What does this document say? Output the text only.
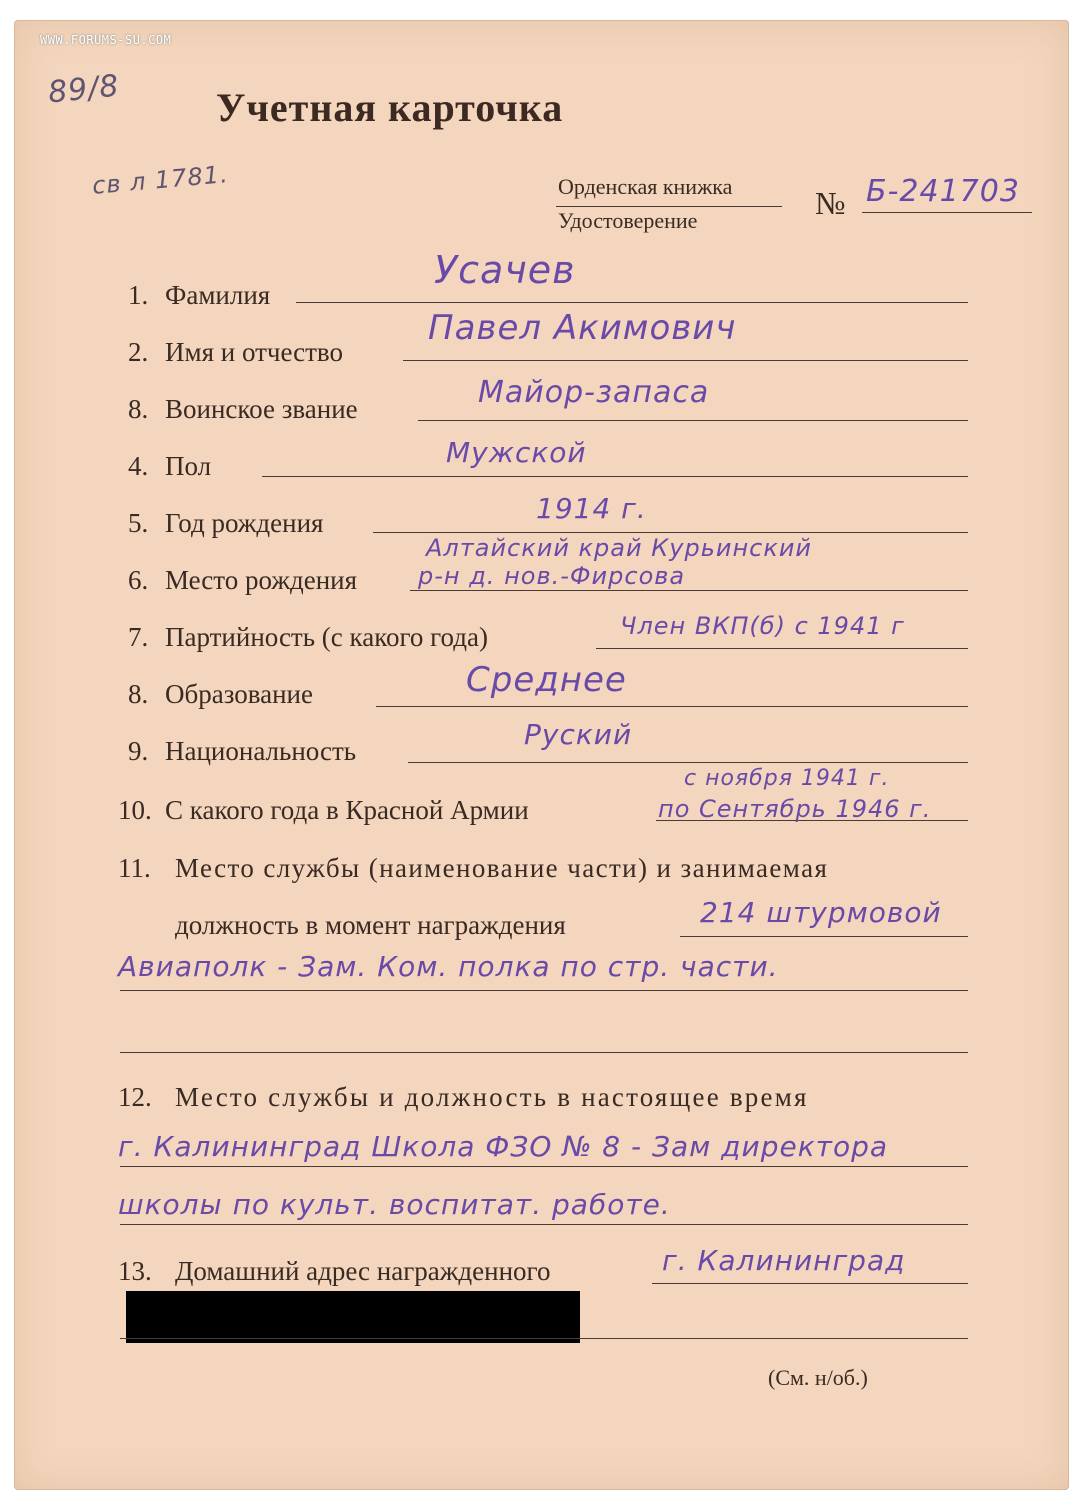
WWW.FORUMS-SU.COM
89/8
св л 1781.
Учетная карточка
Орденская книжка
Удостоверение	№ Б-241703
1. Фамилия
Усачев
2. Имя и отчество
Павел Акимович
8. Воинское звание	Майор-запаса
4. Пол	Мужской
5. Год рождения	1914 г.
6. Место рождения
Алтайский край Курьинский
р-н д. нов.-Фирсова
7. Партийность (с какого года)	Член ВКП(б) с 1941 г
8. Образование	Среднее
9. Национальность	Руский
10. С какого года в Красной Армии
с ноября 1941 г.
по Сентябрь 1946 г.
11. Место службы (наименование части) и занимаемая
должность в момент награждения	214 штурмовой
Авиаполк - Зам. Ком. полка по стр. части.
12. Место службы и должность в настоящее время
г. Калининград Школа ФЗО № 8 - Зам директора
школы по культ. воспитат. работе.
13. Домашний адрес награжденного	г. Калининград
(См. н/об.)
